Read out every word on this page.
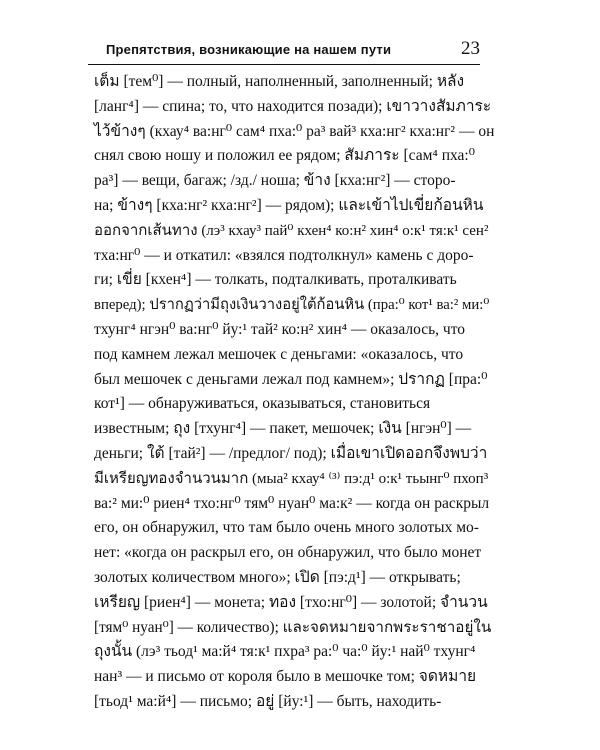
Препятствия, возникающие на нашем пути	23
เต็ม [тем⁰] — полный, наполненный, заполненный; หลัง
[ланг⁴] — спина; то, что находится позади); เขาวางสัมภาระ
ไว้ข้างๆ (кхау⁴ ва:нг⁰ сам⁴ пха:⁰ ра³ вай³ кха:нг² кха:нг² — он
снял свою ношу и положил ее рядом; สัมภาระ [сам⁴ пха:⁰
ра³] — вещи, багаж; /зд./ ноша; ข้าง [кха:нг²] — сторо-
на; ข้างๆ [кха:нг² кха:нг²] — рядом); และเข้าไปเขี่ยก้อนหิน
ออกจากเส้นทาง (лэ³ кхау³ пай⁰ кхен⁴ ко:н² хин⁴ о:к¹ тя:к¹ сен²
тха:нг⁰ — и откатил: «взялся подтолкнул» камень с доро-
ги; เขี่ย [кхен⁴] — толкать, подталкивать, проталкивать
вперед); ปรากฏว่ามีถุงเงินวางอยู่ใต้ก้อนหิน (пра:⁰ кот¹ ва:² ми:⁰
тхунг⁴ нгэн⁰ ва:нг⁰ йу:¹ тай² ко:н² хин⁴ — оказалось, что
под камнем лежал мешочек с деньгами: «оказалось, что
был мешочек с деньгами лежал под камнем»; ปรากฏ [пра:⁰
кот¹] — обнаруживаться, оказываться, становиться
известным; ถุง [тхунг⁴] — пакет, мешочек; เงิน [нгэн⁰] —
деньги; ใต้ [тай²] — /предлог/ под); เมื่อเขาเปิดออกจึงพบว่า
มีเหรียญทองจำนวนมาก (мыа² кхау⁴ ⁽³⁾ пэ:д¹ о:к¹ тьынг⁰ пхоп³
ва:² ми:⁰ риен⁴ тхо:нг⁰ тям⁰ нуан⁰ ма:к² — когда он раскрыл
его, он обнаружил, что там было очень много золотых мо-
нет: «когда он раскрыл его, он обнаружил, что было монет
золотых количеством много»; เปิด [пэ:д¹] — открывать;
เหรียญ [риен⁴] — монета; ทอง [тхо:нг⁰] — золотой; จำนวน
[тям⁰ нуан⁰] — количество); และจดหมายจากพระราชาอยู่ใน
ถุงนั้น (лэ³ тьод¹ ма:й⁴ тя:к¹ пхра³ ра:⁰ ча:⁰ йу:¹ най⁰ тхунг⁴
нан³ — и письмо от короля было в мешочке том; จดหมาย
[тьод¹ ма:й⁴] — письмо; อยู่ [йу:¹] — быть, находить-
